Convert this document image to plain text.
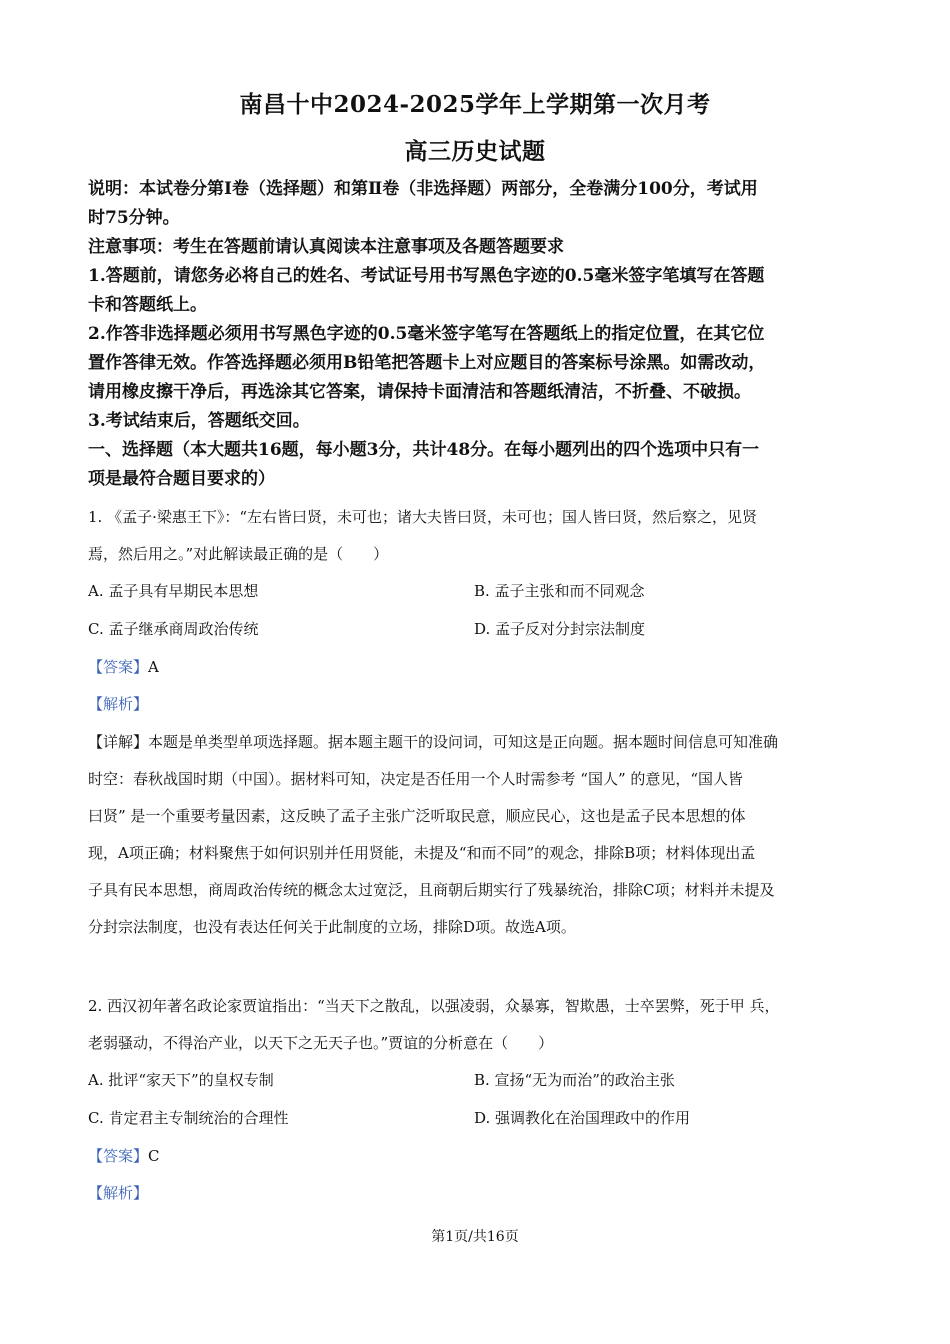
南昌十中2024-2025学年上学期第一次月考
高三历史试题
说明：本试卷分第Ⅰ卷（选择题）和第Ⅱ卷（非选择题）两部分，全卷满分100分，考试用
时75分钟。
注意事项：考生在答题前请认真阅读本注意事项及各题答题要求
1.答题前，请您务必将自己的姓名、考试证号用书写黑色字迹的0.5毫米签字笔填写在答题
卡和答题纸上。
2.作答非选择题必须用书写黑色字迹的0.5毫米签字笔写在答题纸上的指定位置，在其它位
置作答律无效。作答选择题必须用B铅笔把答题卡上对应题目的答案标号涂黑。如需改动，
请用橡皮擦干净后，再选涂其它答案，请保持卡面清洁和答题纸清洁，不折叠、不破损。
3.考试结束后，答题纸交回。
一、选择题（本大题共16题，每小题3分，共计48分。在每小题列出的四个选项中只有一
项是最符合题目要求的）
1. 《孟子·梁惠王下》：“左右皆曰贤，未可也；诸大夫皆曰贤，未可也；国人皆曰贤，然后察之，见贤
焉，然后用之。”对此解读最正确的是（　　）
A. 孟子具有早期民本思想	B. 孟子主张和而不同观念
C. 孟子继承商周政治传统	D. 孟子反对分封宗法制度
【答案】A
【解析】
【详解】本题是单类型单项选择题。据本题主题干的设问词，可知这是正向题。据本题时间信息可知准确
时空：春秋战国时期（中国）。据材料可知，决定是否任用一个人时需参考 “国人” 的意见，“国人皆
曰贤” 是一个重要考量因素，这反映了孟子主张广泛听取民意，顺应民心，这也是孟子民本思想的体
现，A项正确；材料聚焦于如何识别并任用贤能，未提及“和而不同”的观念，排除B项；材料体现出孟
子具有民本思想，商周政治传统的概念太过宽泛，且商朝后期实行了残暴统治，排除C项；材料并未提及
分封宗法制度，也没有表达任何关于此制度的立场，排除D项。故选A项。
2. 西汉初年著名政论家贾谊指出：“当天下之散乱，以强凌弱，众暴寡，智欺愚，士卒罢弊，死于甲 兵，
老弱骚动，不得治产业，以天下之无天子也。”贾谊的分析意在（　　）
A. 批评“家天下”的皇权专制	B. 宣扬“无为而治”的政治主张
C. 肯定君主专制统治的合理性	D. 强调教化在治国理政中的作用
【答案】C
【解析】
第1页/共16页
